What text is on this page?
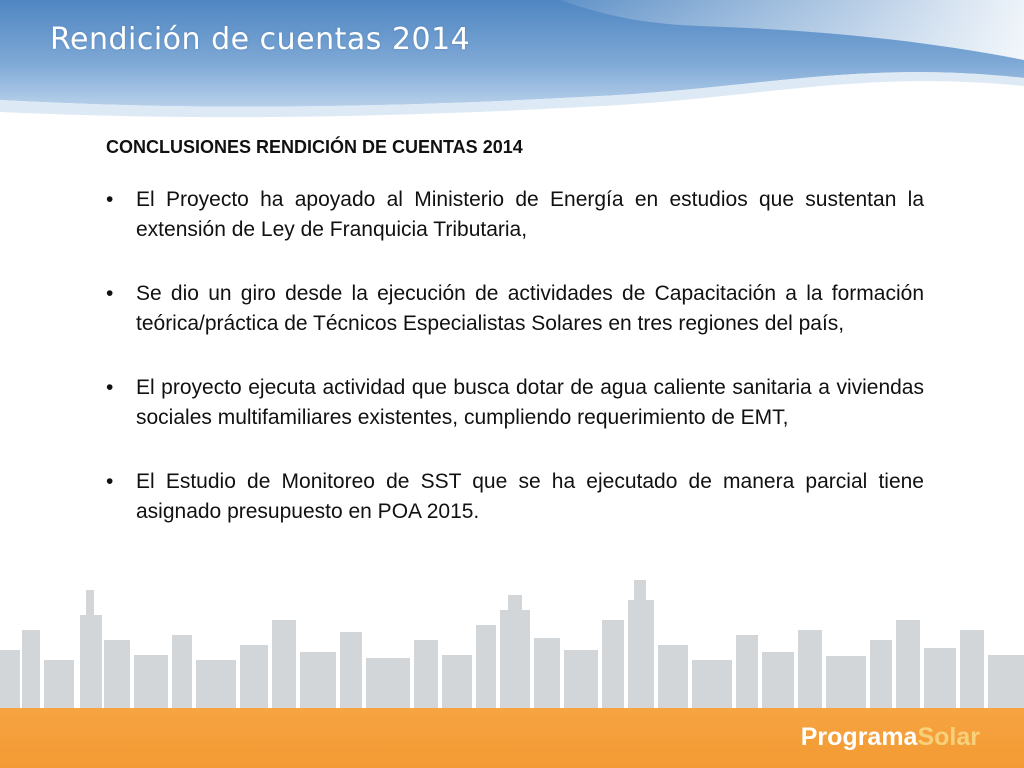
Rendición de cuentas 2014
CONCLUSIONES RENDICIÓN DE CUENTAS 2014
• El Proyecto ha apoyado al Ministerio de Energía en estudios que sustentan la extensión de Ley de Franquicia Tributaria,
• Se dio un giro desde la ejecución de actividades de Capacitación a la formación teórica/práctica de Técnicos Especialistas Solares en tres regiones del país,
• El proyecto ejecuta actividad que busca dotar de agua caliente sanitaria a viviendas sociales multifamiliares existentes, cumpliendo requerimiento de EMT,
• El Estudio de Monitoreo de SST que se ha ejecutado de manera parcial tiene asignado presupuesto en POA 2015.
ProgramaSolar
